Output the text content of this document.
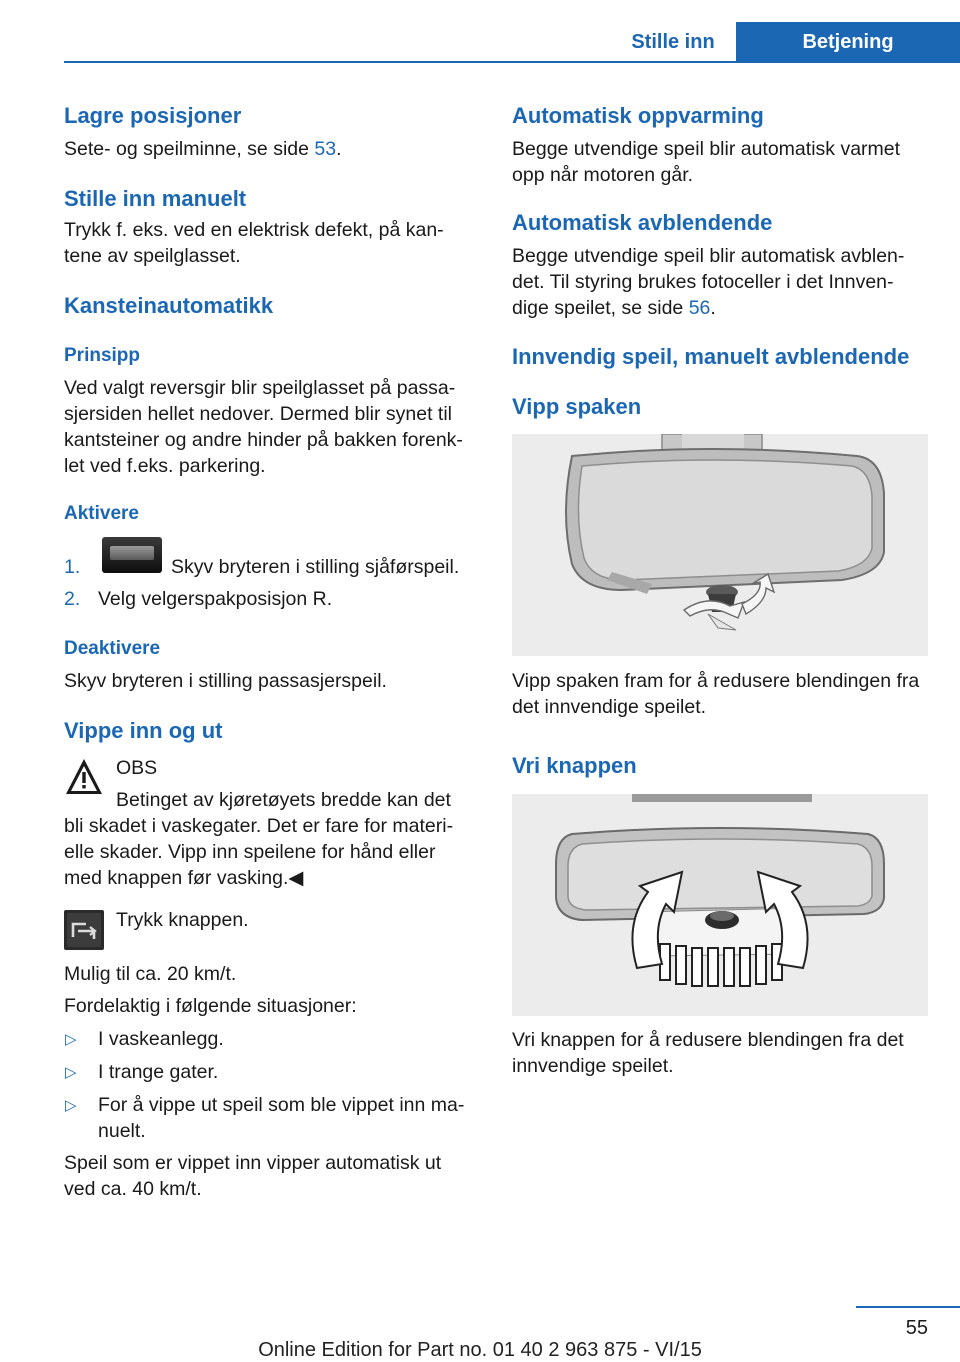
Stille inn	Betjening
Lagre posisjoner
Sete- og speilminne, se side 53.
Stille inn manuelt
Trykk f. eks. ved en elektrisk defekt, på kan‐
tene av speilglasset.
Kansteinautomatikk
Prinsipp
Ved valgt reversgir blir speilglasset på passa‐
sjersiden hellet nedover. Dermed blir synet til
kantsteiner og andre hinder på bakken forenk‐
let ved f.eks. parkering.
Aktivere
1.	Skyv bryteren i stilling sjåførspeil.
2. Velg velgerspakposisjon R.
Deaktivere
Skyv bryteren i stilling passasjerspeil.
Vippe inn og ut
OBS
Betinget av kjøretøyets bredde kan det
bli skadet i vaskegater. Det er fare for materi‐
elle skader. Vipp inn speilene for hånd eller
med knappen før vasking.◀
Trykk knappen.
Mulig til ca. 20 km/t.
Fordelaktig i følgende situasjoner:
▷ I vaskeanlegg.
▷ I trange gater.
▷ For å vippe ut speil som ble vippet inn ma‐
nuelt.
Speil som er vippet inn vipper automatisk ut
ved ca. 40 km/t.
Automatisk oppvarming
Begge utvendige speil blir automatisk varmet
opp når motoren går.
Automatisk avblendende
Begge utvendige speil blir automatisk avblen‐
det. Til styring brukes fotoceller i det Innven‐
dige speilet, se side 56.
Innvendig speil, manuelt avblendende
Vipp spaken
Vipp spaken fram for å redusere blendingen fra
det innvendige speilet.
Vri knappen
Vri knappen for å redusere blendingen fra det
innvendige speilet.
55
Online Edition for Part no. 01 40 2 963 875 - VI/15
